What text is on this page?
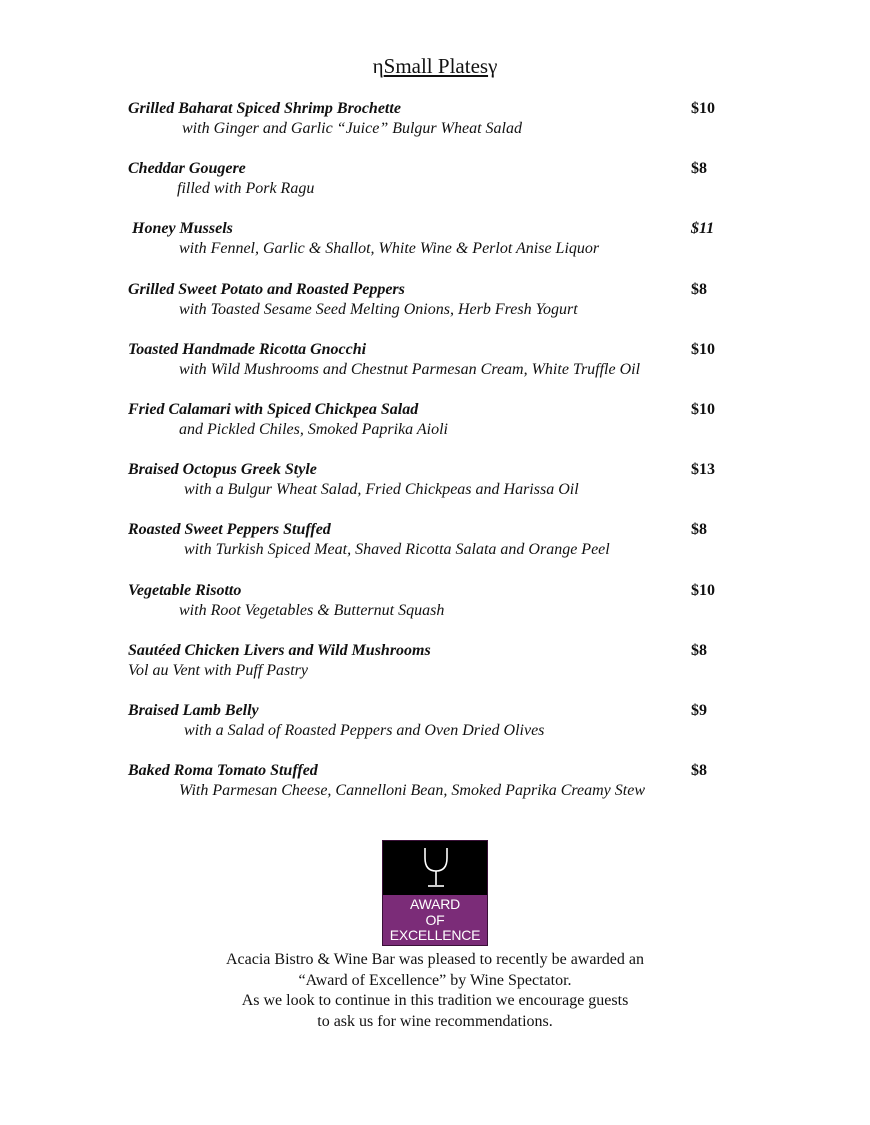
ηSmall Platesγ
Grilled Baharat Spiced Shrimp Brochette	$10
with Ginger and Garlic “Juice” Bulgur Wheat Salad
Cheddar Gougere	$8
filled with Pork Ragu
Honey Mussels	$11
with Fennel, Garlic & Shallot, White Wine & Perlot Anise Liquor
Grilled Sweet Potato and Roasted Peppers	$8
with Toasted Sesame Seed Melting Onions, Herb Fresh Yogurt
Toasted Handmade Ricotta Gnocchi	$10
with Wild Mushrooms and Chestnut Parmesan Cream, White Truffle Oil
Fried Calamari with Spiced Chickpea Salad	$10
and Pickled Chiles, Smoked Paprika Aioli
Braised Octopus Greek Style	$13
with a Bulgur Wheat Salad, Fried Chickpeas and Harissa Oil
Roasted Sweet Peppers Stuffed	$8
with Turkish Spiced Meat, Shaved Ricotta Salata and Orange Peel
Vegetable Risotto	$10
with Root Vegetables & Butternut Squash
Sautéed Chicken Livers and Wild Mushrooms	$8
Vol au Vent with Puff Pastry
Braised Lamb Belly	$9
with a Salad of Roasted Peppers and Oven Dried Olives
Baked Roma Tomato Stuffed	$8
With Parmesan Cheese, Cannelloni Bean, Smoked Paprika Creamy Stew
AWARD
OF
EXCELLENCE
Acacia Bistro & Wine Bar was pleased to recently be awarded an
“Award of Excellence” by Wine Spectator.
As we look to continue in this tradition we encourage guests
to ask us for wine recommendations.
